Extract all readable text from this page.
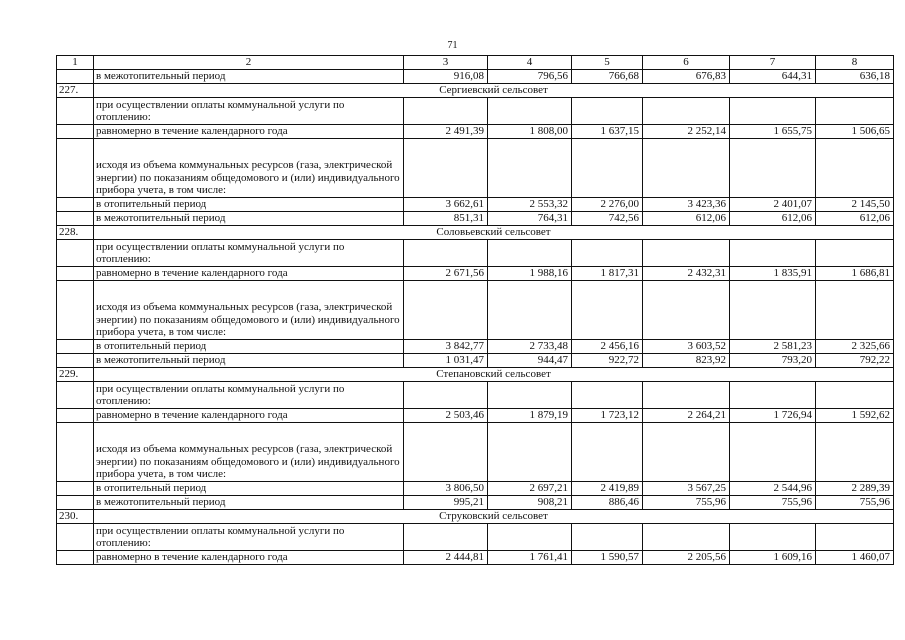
71
1	2	3	4	5	6	7	8
	в межотопительный период	916,08	796,56	766,68	676,83	644,31	636,18
227.	Сергиевский сельсовет						
	при осуществлении оплаты коммунальной услуги по отоплению:						
	равномерно в течение календарного года	2 491,39	1 808,00	1 637,15	2 252,14	1 655,75	1 506,65
	исходя из объема коммунальных ресурсов (газа, электрической энергии) по показаниям общедомового и (или) индивидуального прибора учета, в том числе:						
	в отопительный период	3 662,61	2 553,32	2 276,00	3 423,36	2 401,07	2 145,50
	в межотопительный период	851,31	764,31	742,56	612,06	612,06	612,06
228.	Соловьевский сельсовет						
	при осуществлении оплаты коммунальной услуги по отоплению:						
	равномерно в течение календарного года	2 671,56	1 988,16	1 817,31	2 432,31	1 835,91	1 686,81
	исходя из объема коммунальных ресурсов (газа, электрической энергии) по показаниям общедомового и (или) индивидуального прибора учета, в том числе:						
	в отопительный период	3 842,77	2 733,48	2 456,16	3 603,52	2 581,23	2 325,66
	в межотопительный период	1 031,47	944,47	922,72	823,92	793,20	792,22
229.	Степановский сельсовет						
	при осуществлении оплаты коммунальной услуги по отоплению:						
	равномерно в течение календарного года	2 503,46	1 879,19	1 723,12	2 264,21	1 726,94	1 592,62
	исходя из объема коммунальных ресурсов (газа, электрической энергии) по показаниям общедомового и (или) индивидуального прибора учета, в том числе:						
	в отопительный период	3 806,50	2 697,21	2 419,89	3 567,25	2 544,96	2 289,39
	в межотопительный период	995,21	908,21	886,46	755,96	755,96	755,96
230.	Струковский сельсовет						
	при осуществлении оплаты коммунальной услуги по отоплению:						
	равномерно в течение календарного года	2 444,81	1 761,41	1 590,57	2 205,56	1 609,16	1 460,07
